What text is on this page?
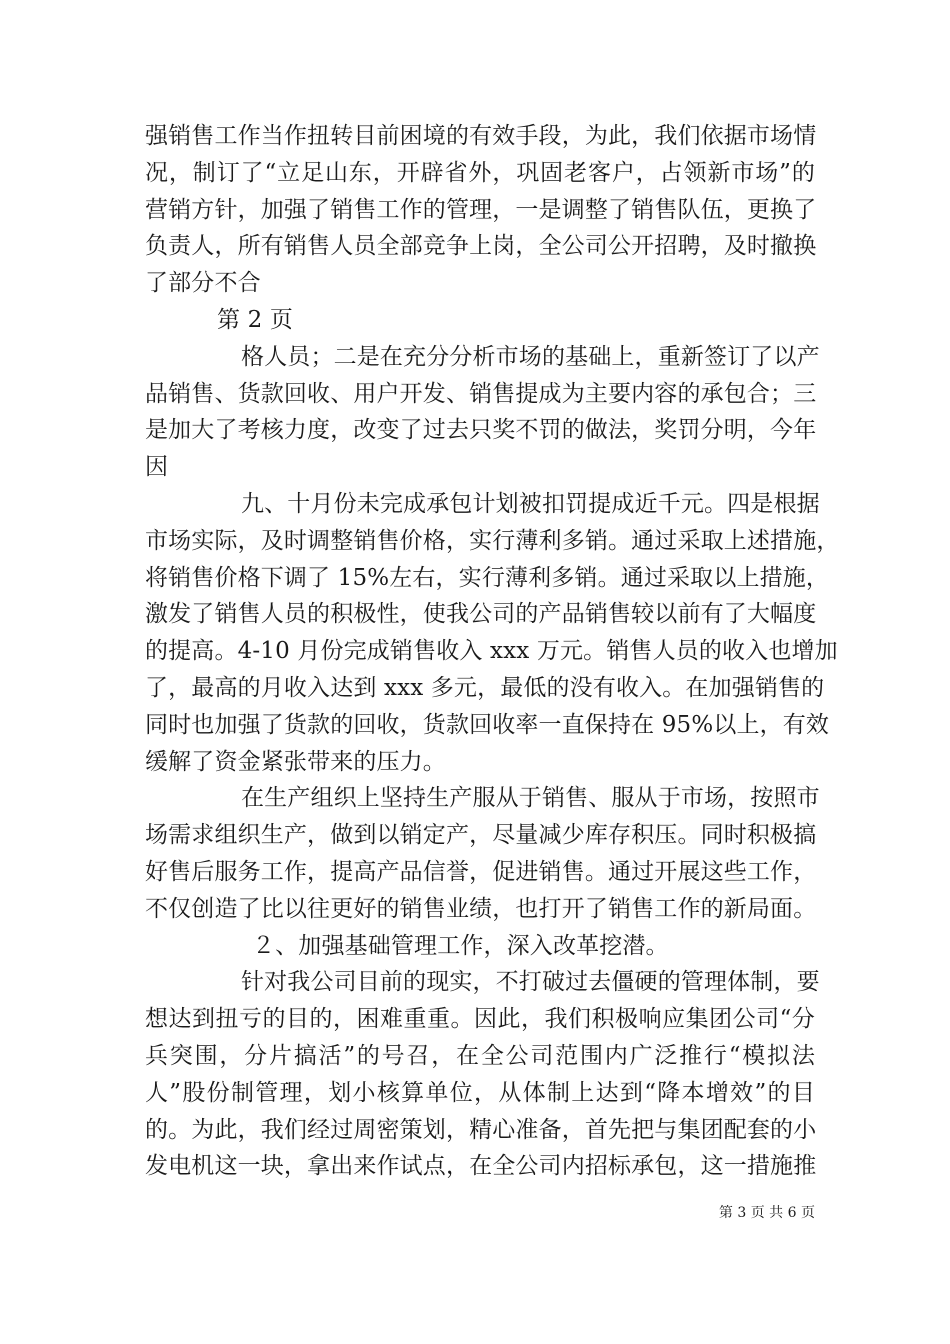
强销售工作当作扭转目前困境的有效手段，为此，我们依据市场情
况，制订了“立足山东，开辟省外，巩固老客户，占领新市场”的
营销方针，加强了销售工作的管理，一是调整了销售队伍，更换了
负责人，所有销售人员全部竞争上岗，全公司公开招聘，及时撤换
了部分不合
第 2 页
格人员；二是在充分分析市场的基础上，重新签订了以产
品销售、货款回收、用户开发、销售提成为主要内容的承包合；三
是加大了考核力度，改变了过去只奖不罚的做法，奖罚分明，今年
因
九、十月份未完成承包计划被扣罚提成近千元。四是根据
市场实际，及时调整销售价格，实行薄利多销。通过采取上述措施，
将销售价格下调了 15%左右，实行薄利多销。通过采取以上措施，
激发了销售人员的积极性，使我公司的产品销售较以前有了大幅度
的提高。4-10 月份完成销售收入 xxx 万元。销售人员的收入也增加
了，最高的月收入达到 xxx 多元，最低的没有收入。在加强销售的
同时也加强了货款的回收，货款回收率一直保持在 95%以上，有效
缓解了资金紧张带来的压力。
在生产组织上坚持生产服从于销售、服从于市场，按照市
场需求组织生产，做到以销定产，尽量减少库存积压。同时积极搞
好售后服务工作，提高产品信誉，促进销售。通过开展这些工作，
不仅创造了比以往更好的销售业绩，也打开了销售工作的新局面。
２、加强基础管理工作，深入改革挖潜。
针对我公司目前的现实，不打破过去僵硬的管理体制，要
想达到扭亏的目的，困难重重。因此，我们积极响应集团公司“分
兵突围，分片搞活”的号召，在全公司范围内广泛推行“模拟法
人”股份制管理，划小核算单位，从体制上达到“降本增效”的目
的。为此，我们经过周密策划，精心准备，首先把与集团配套的小
发电机这一块，拿出来作试点，在全公司内招标承包，这一措施推
第 3 页 共 6 页
